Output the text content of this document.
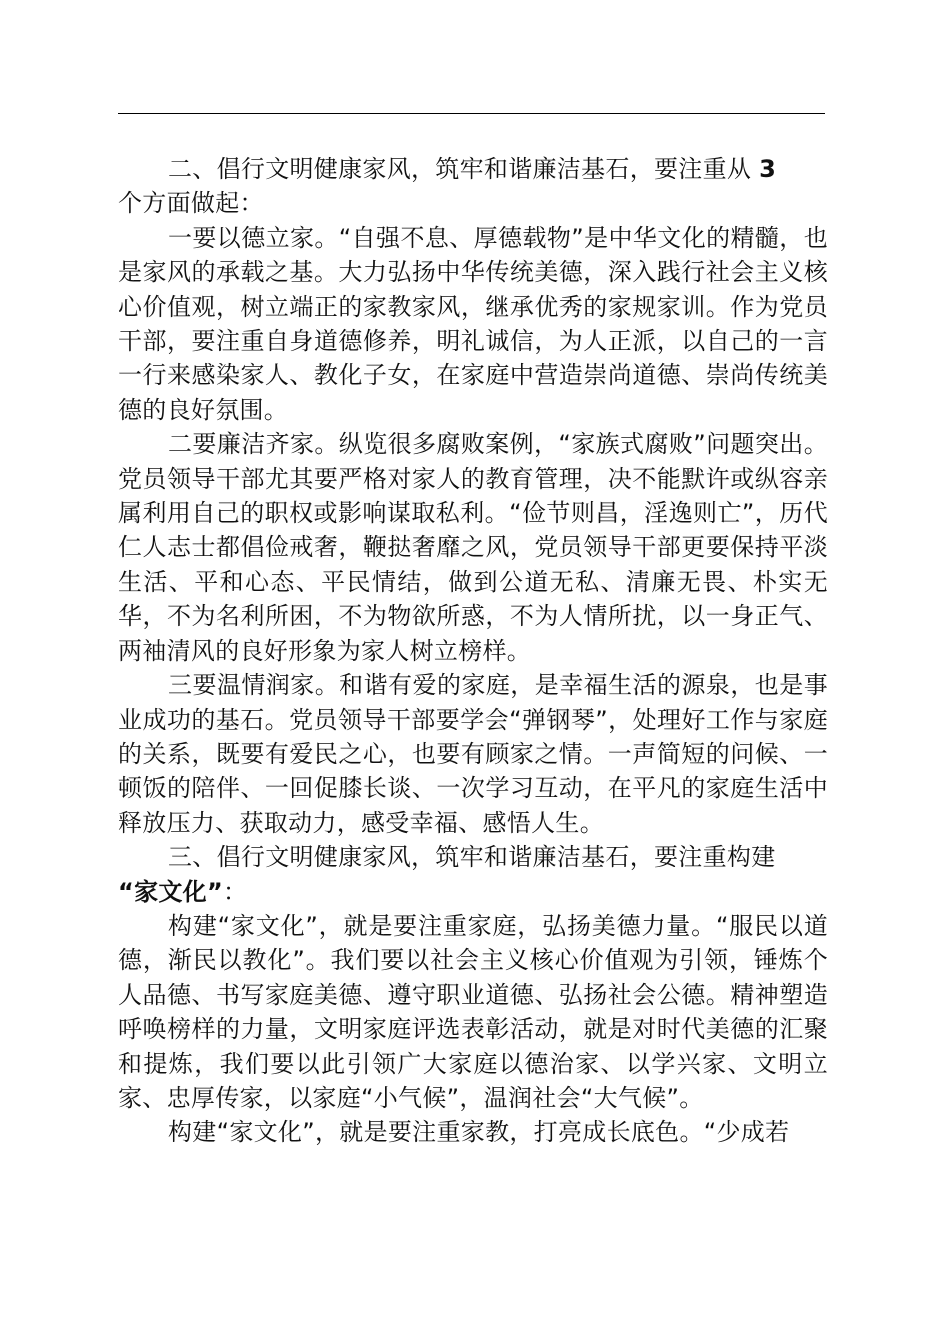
二、倡行文明健康家风，筑牢和谐廉洁基石，要注重从 3
个方面做起：

一要以德立家。“自强不息、厚德载物”是中华文化的精髓，也是家风的承载之基。大力弘扬中华传统美德，深入践行社会主义核心价值观，树立端正的家教家风，继承优秀的家规家训。作为党员干部，要注重自身道德修养，明礼诚信，为人正派，以自己的一言一行来感染家人、教化子女，在家庭中营造崇尚道德、崇尚传统美德的良好氛围。

二要廉洁齐家。纵览很多腐败案例，“家族式腐败”问题突出。党员领导干部尤其要严格对家人的教育管理，决不能默许或纵容亲属利用自己的职权或影响谋取私利。“俭节则昌，淫逸则亡”，历代仁人志士都倡俭戒奢，鞭挞奢靡之风，党员领导干部更要保持平淡生活、平和心态、平民情结，做到公道无私、清廉无畏、朴实无华，不为名利所困，不为物欲所惑，不为人情所扰，以一身正气、两袖清风的良好形象为家人树立榜样。

三要温情润家。和谐有爱的家庭，是幸福生活的源泉，也是事业成功的基石。党员领导干部要学会“弹钢琴”，处理好工作与家庭的关系，既要有爱民之心，也要有顾家之情。一声简短的问候、一顿饭的陪伴、一回促膝长谈、一次学习互动，在平凡的家庭生活中释放压力、获取动力，感受幸福、感悟人生。

三、倡行文明健康家风，筑牢和谐廉洁基石，要注重构建
“家文化”：

构建“家文化”，就是要注重家庭，弘扬美德力量。“服民以道德，渐民以教化”。我们要以社会主义核心价值观为引领，锤炼个人品德、书写家庭美德、遵守职业道德、弘扬社会公德。精神塑造呼唤榜样的力量，文明家庭评选表彰活动，就是对时代美德的汇聚和提炼，我们要以此引领广大家庭以德治家、以学兴家、文明立家、忠厚传家，以家庭“小气候”，温润社会“大气候”。

构建“家文化”，就是要注重家教，打亮成长底色。“少成若
